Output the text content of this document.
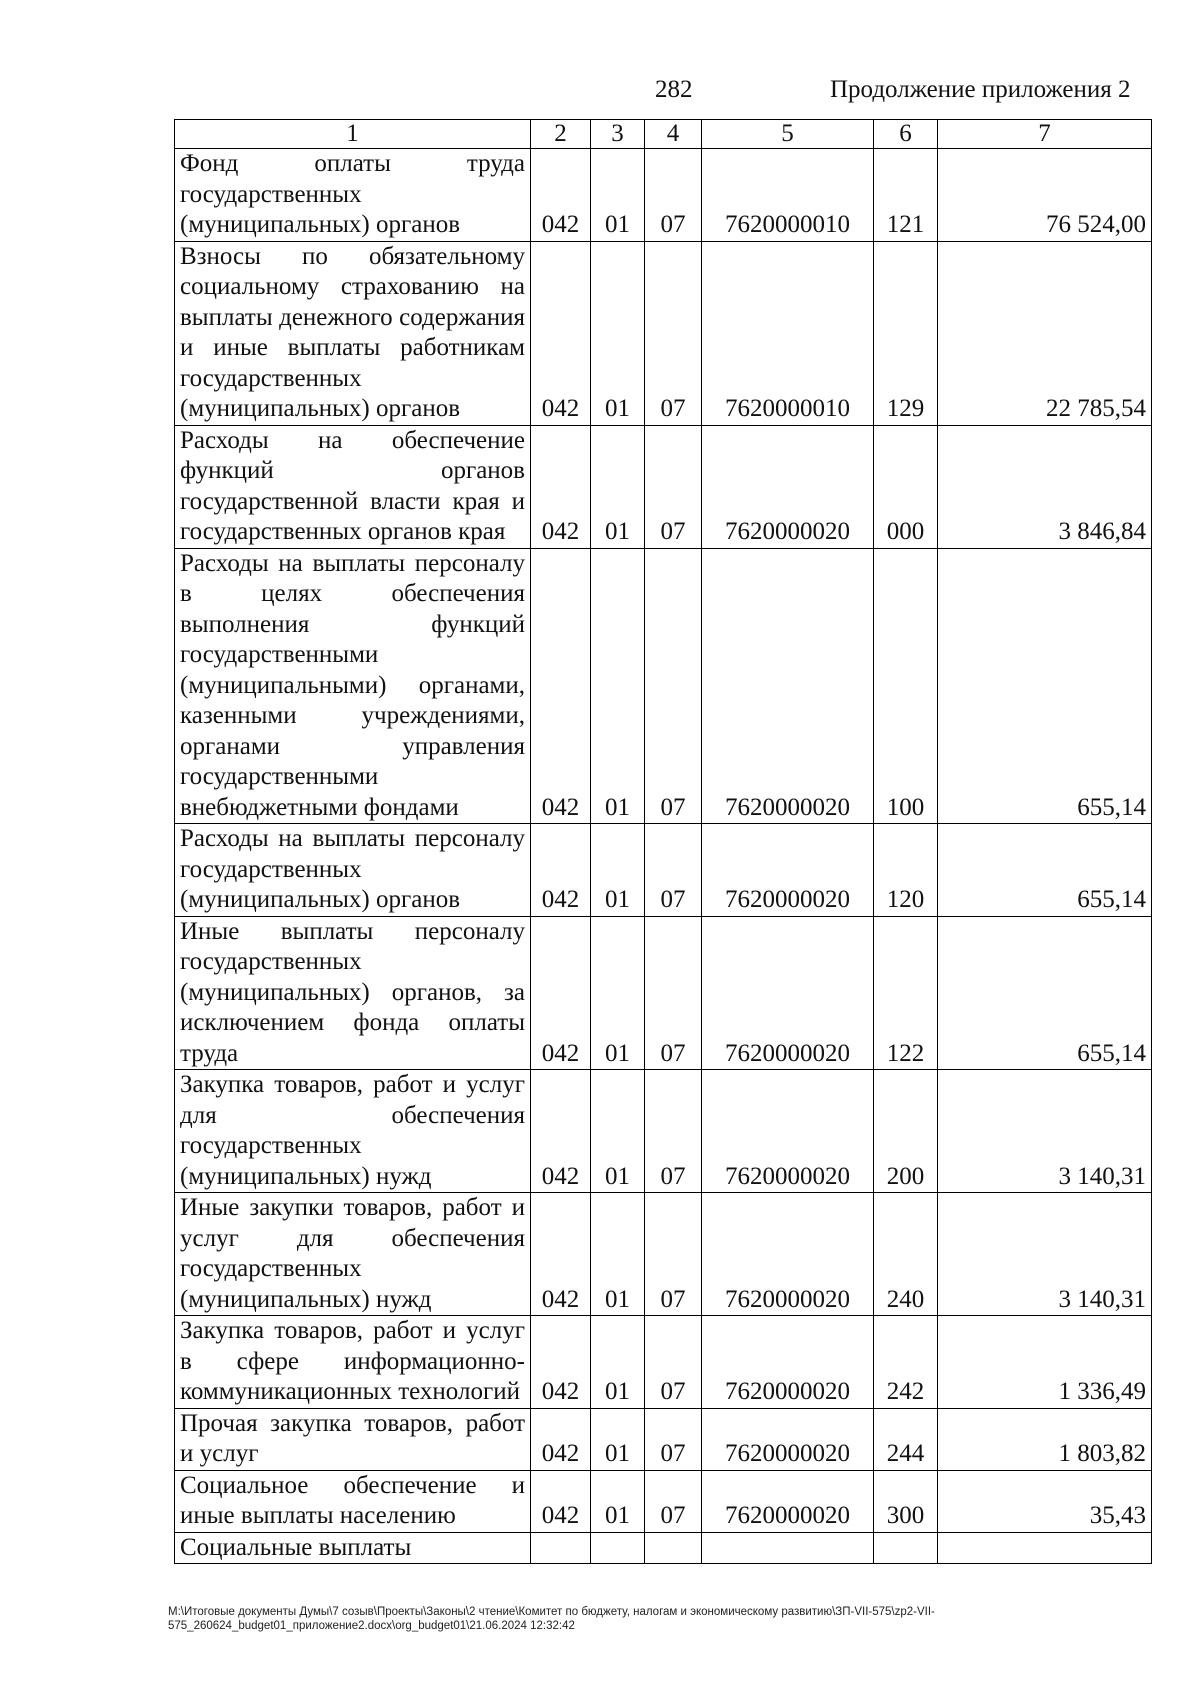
282	Продолжение приложения 2
1	2	3	4	5	6	7
Фонд оплаты труда государственных (муниципальных) органов	042	01	07	7620000010	121	76 524,00
Взносы по обязательному социальному страхованию на выплаты денежного содержания и иные выплаты работникам государственных (муниципальных) органов	042	01	07	7620000010	129	22 785,54
Расходы на обеспечение функций органов государственной власти края и государственных органов края	042	01	07	7620000020	000	3 846,84
Расходы на выплаты персоналу в целях обеспечения выполнения функций государственными (муниципальными) органами, казенными учреждениями, органами управления государственными внебюджетными фондами	042	01	07	7620000020	100	655,14
Расходы на выплаты персоналу государственных (муниципальных) органов	042	01	07	7620000020	120	655,14
Иные выплаты персоналу государственных (муниципальных) органов, за исключением фонда оплаты труда	042	01	07	7620000020	122	655,14
Закупка товаров, работ и услуг для обеспечения государственных (муниципальных) нужд	042	01	07	7620000020	200	3 140,31
Иные закупки товаров, работ и услуг для обеспечения государственных (муниципальных) нужд	042	01	07	7620000020	240	3 140,31
Закупка товаров, работ и услуг в сфере информационно-коммуникационных технологий	042	01	07	7620000020	242	1 336,49
Прочая закупка товаров, работ и услуг	042	01	07	7620000020	244	1 803,82
Социальное обеспечение и иные выплаты населению	042	01	07	7620000020	300	35,43
Социальные выплаты						
M:\Итоговые документы Думы\7 созыв\Проекты\Законы\2 чтение\Комитет по бюджету, налогам и экономическому развитию\ЗП-VII-575\zp2-VII-
575_260624_budget01_приложение2.docx\org_budget01\21.06.2024 12:32:42
